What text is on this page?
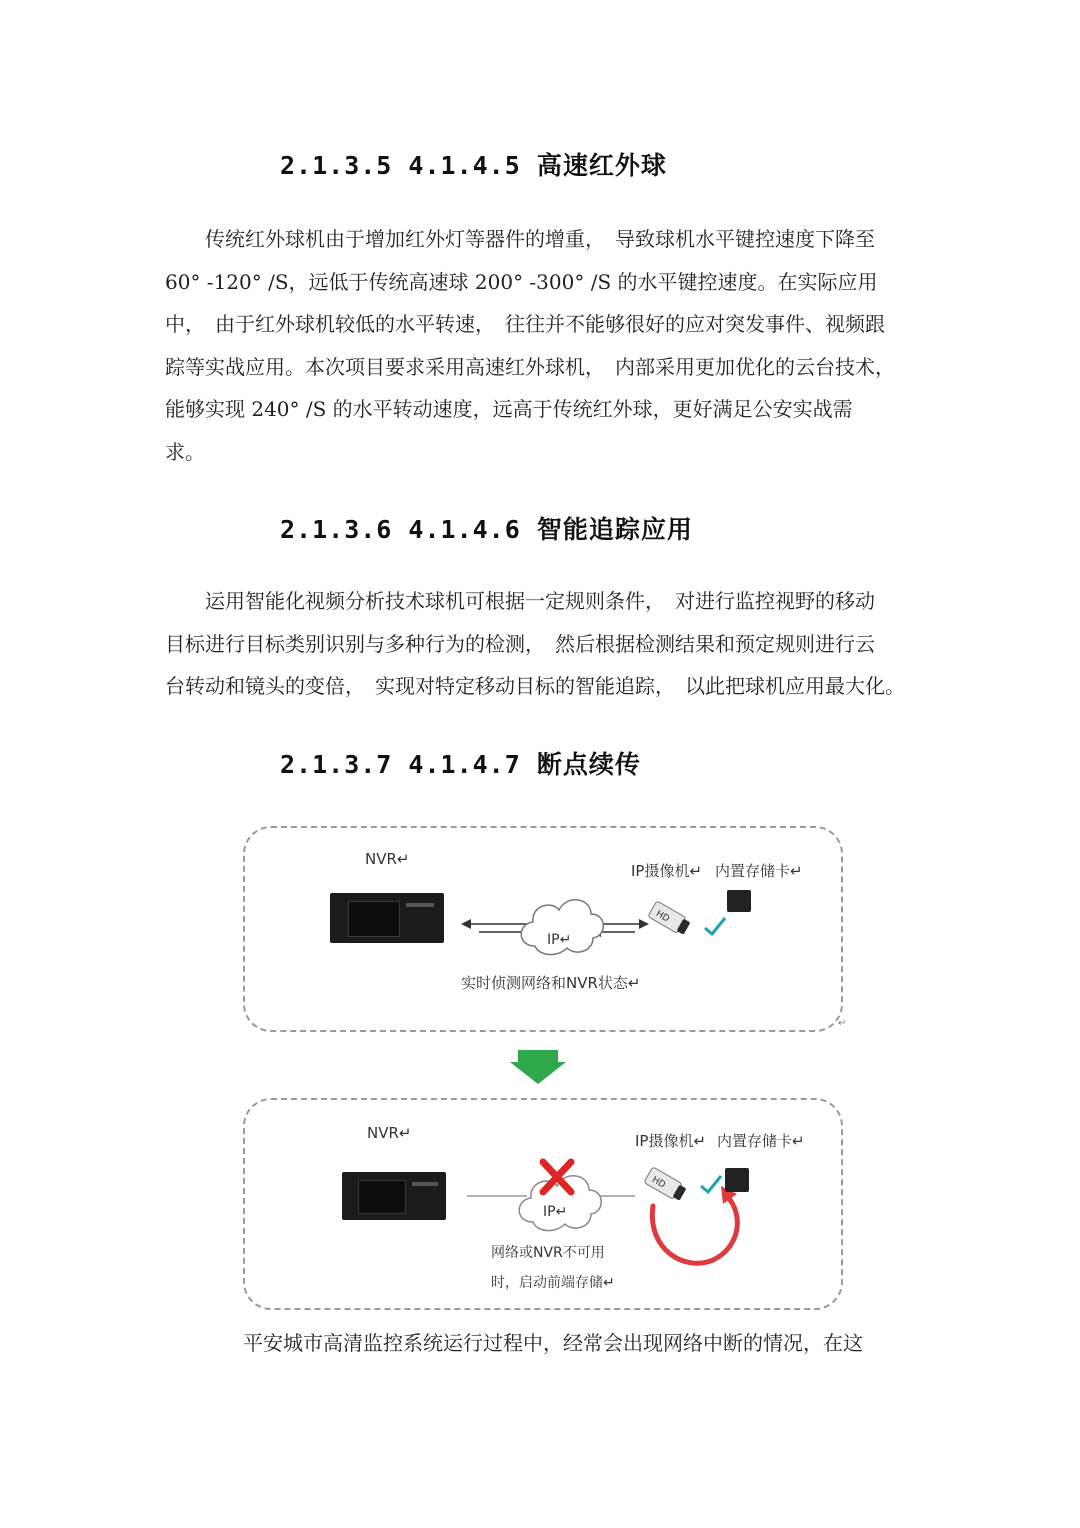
2.1.3.5 4.1.4.5 高速红外球
　　传统红外球机由于增加红外灯等器件的增重，　导致球机水平键控速度下降至
60° -120° /S，远低于传统高速球 200° -300° /S 的水平键控速度。在实际应用
中，　由于红外球机较低的水平转速，　往往并不能够很好的应对突发事件、视频跟
踪等实战应用。本次项目要求采用高速红外球机，　内部采用更加优化的云台技术，
能够实现 240° /S 的水平转动速度，远高于传统红外球，更好满足公安实战需
求。
2.1.3.6 4.1.4.6 智能追踪应用
　　运用智能化视频分析技术球机可根据一定规则条件，　对进行监控视野的移动
目标进行目标类别识别与多种行为的检测，　然后根据检测结果和预定规则进行云
台转动和镜头的变倍，　实现对特定移动目标的智能追踪，　以此把球机应用最大化。
2.1.3.7 4.1.4.7 断点续传
NVR↵
IP↵
IP摄像机↵ 内置存储卡↵
HD
实时侦测网络和NVR状态↵
↵
NVR↵
IP↵
IP摄像机↵ 内置存储卡↵
HD
网络或NVR不可用
时，启动前端存储↵
平安城市高清监控系统运行过程中，经常会出现网络中断的情况，在这
